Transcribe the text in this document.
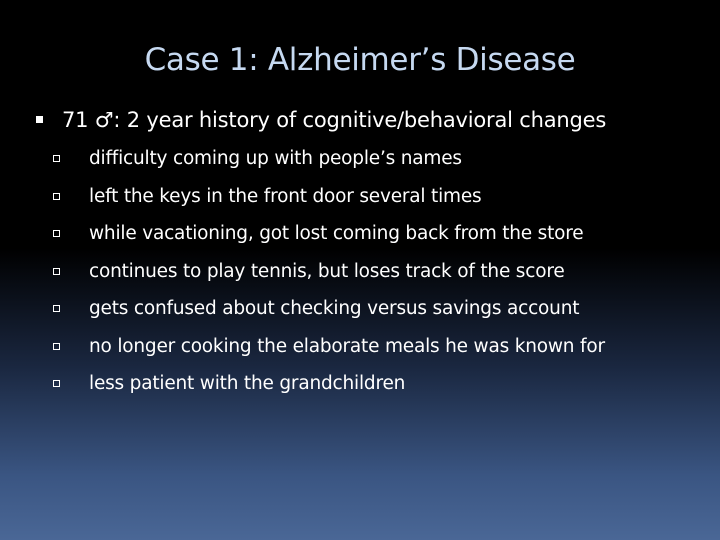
Case 1: Alzheimer’s Disease
71 ♂: 2 year history of cognitive/behavioral changes
difficulty coming up with people’s names
left the keys in the front door several times
while vacationing, got lost coming back from the store
continues to play tennis, but loses track of the score
gets confused about checking versus savings account
no longer cooking the elaborate meals he was known for
less patient with the grandchildren
